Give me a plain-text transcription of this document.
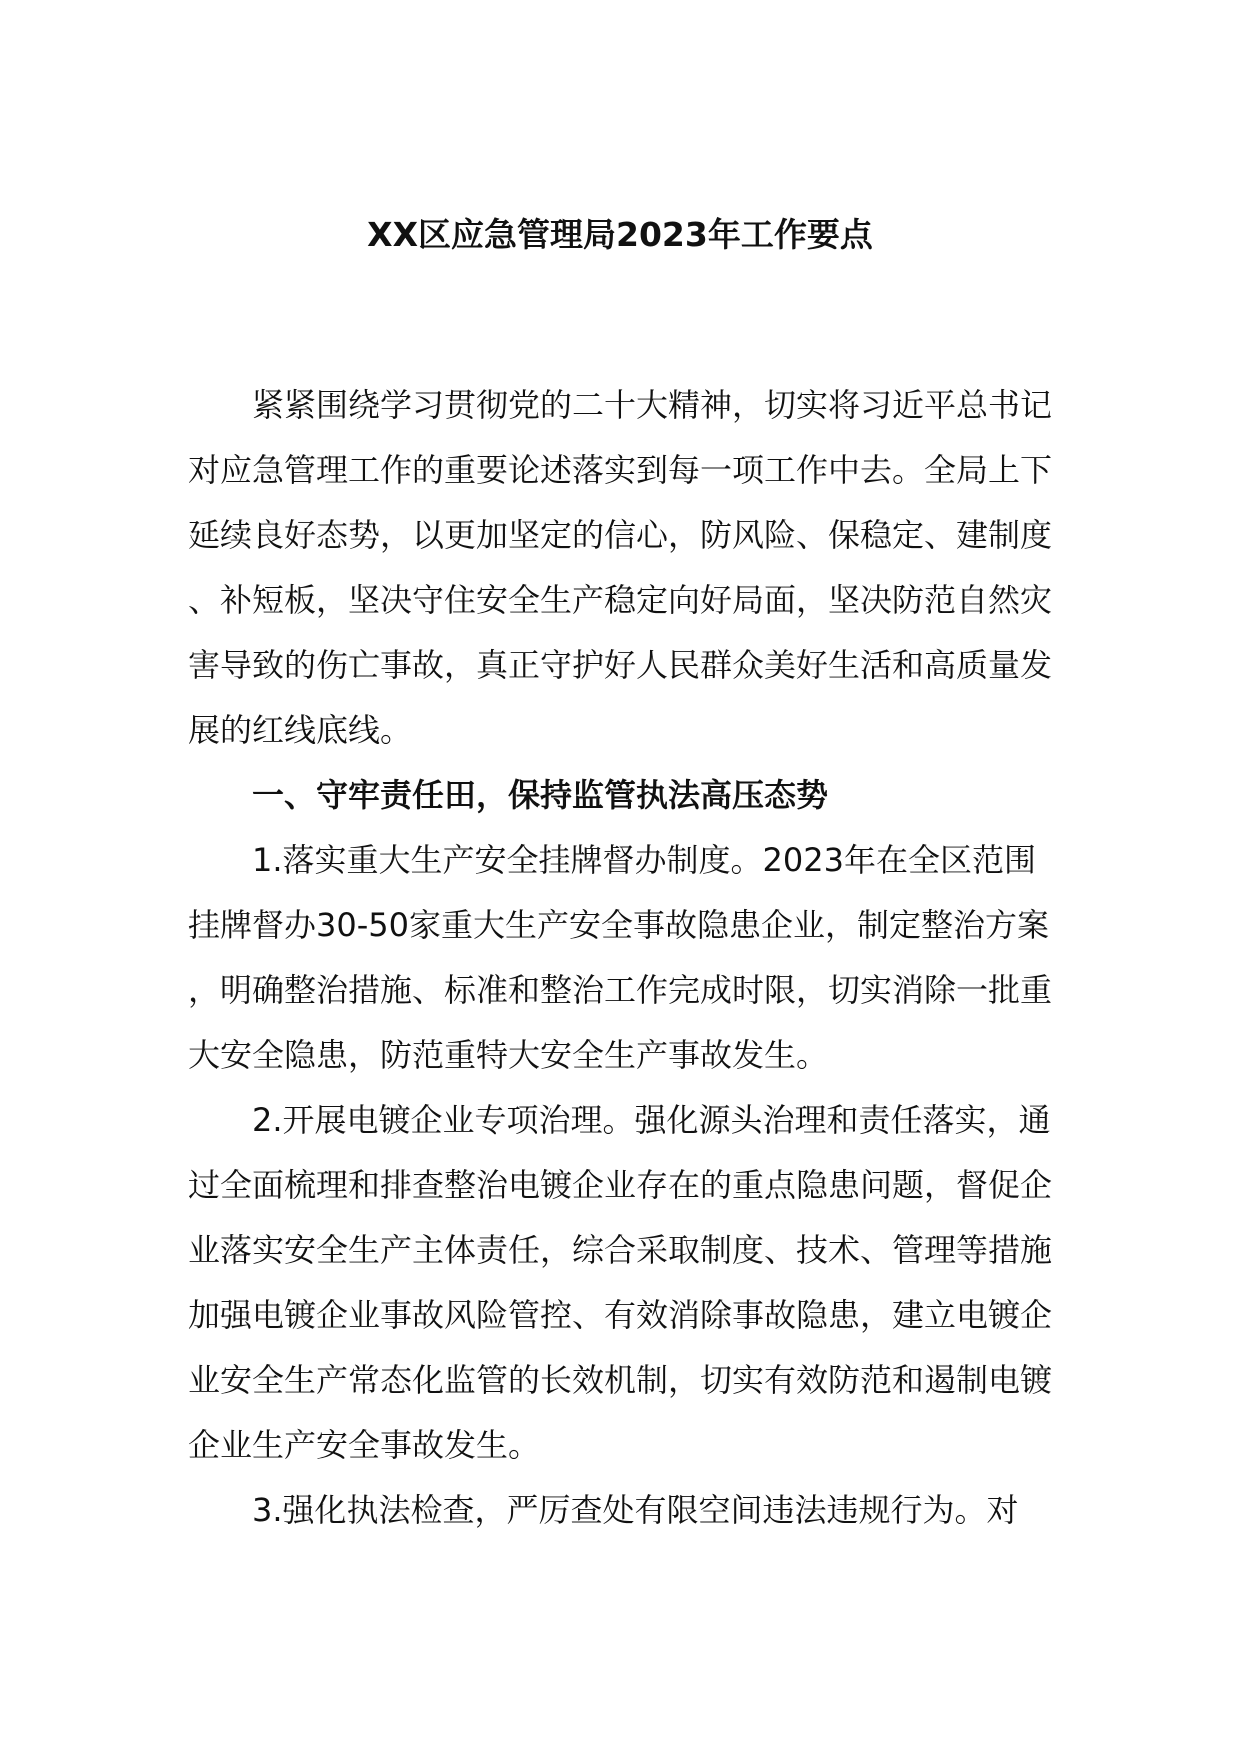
XX区应急管理局2023年工作要点

紧紧围绕学习贯彻党的二十大精神，切实将习近平总书记对应急管理工作的重要论述落实到每一项工作中去。全局上下延续良好态势，以更加坚定的信心，防风险、保稳定、建制度、补短板，坚决守住安全生产稳定向好局面，坚决防范自然灾害导致的伤亡事故，真正守护好人民群众美好生活和高质量发展的红线底线。

一、守牢责任田，保持监管执法高压态势

1.落实重大生产安全挂牌督办制度。2023年在全区范围挂牌督办30-50家重大生产安全事故隐患企业，制定整治方案，明确整治措施、标准和整治工作完成时限，切实消除一批重大安全隐患，防范重特大安全生产事故发生。

2.开展电镀企业专项治理。强化源头治理和责任落实，通过全面梳理和排查整治电镀企业存在的重点隐患问题，督促企业落实安全生产主体责任，综合采取制度、技术、管理等措施加强电镀企业事故风险管控、有效消除事故隐患，建立电镀企业安全生产常态化监管的长效机制，切实有效防范和遏制电镀企业生产安全事故发生。

3.强化执法检查，严厉查处有限空间违法违规行为。对
